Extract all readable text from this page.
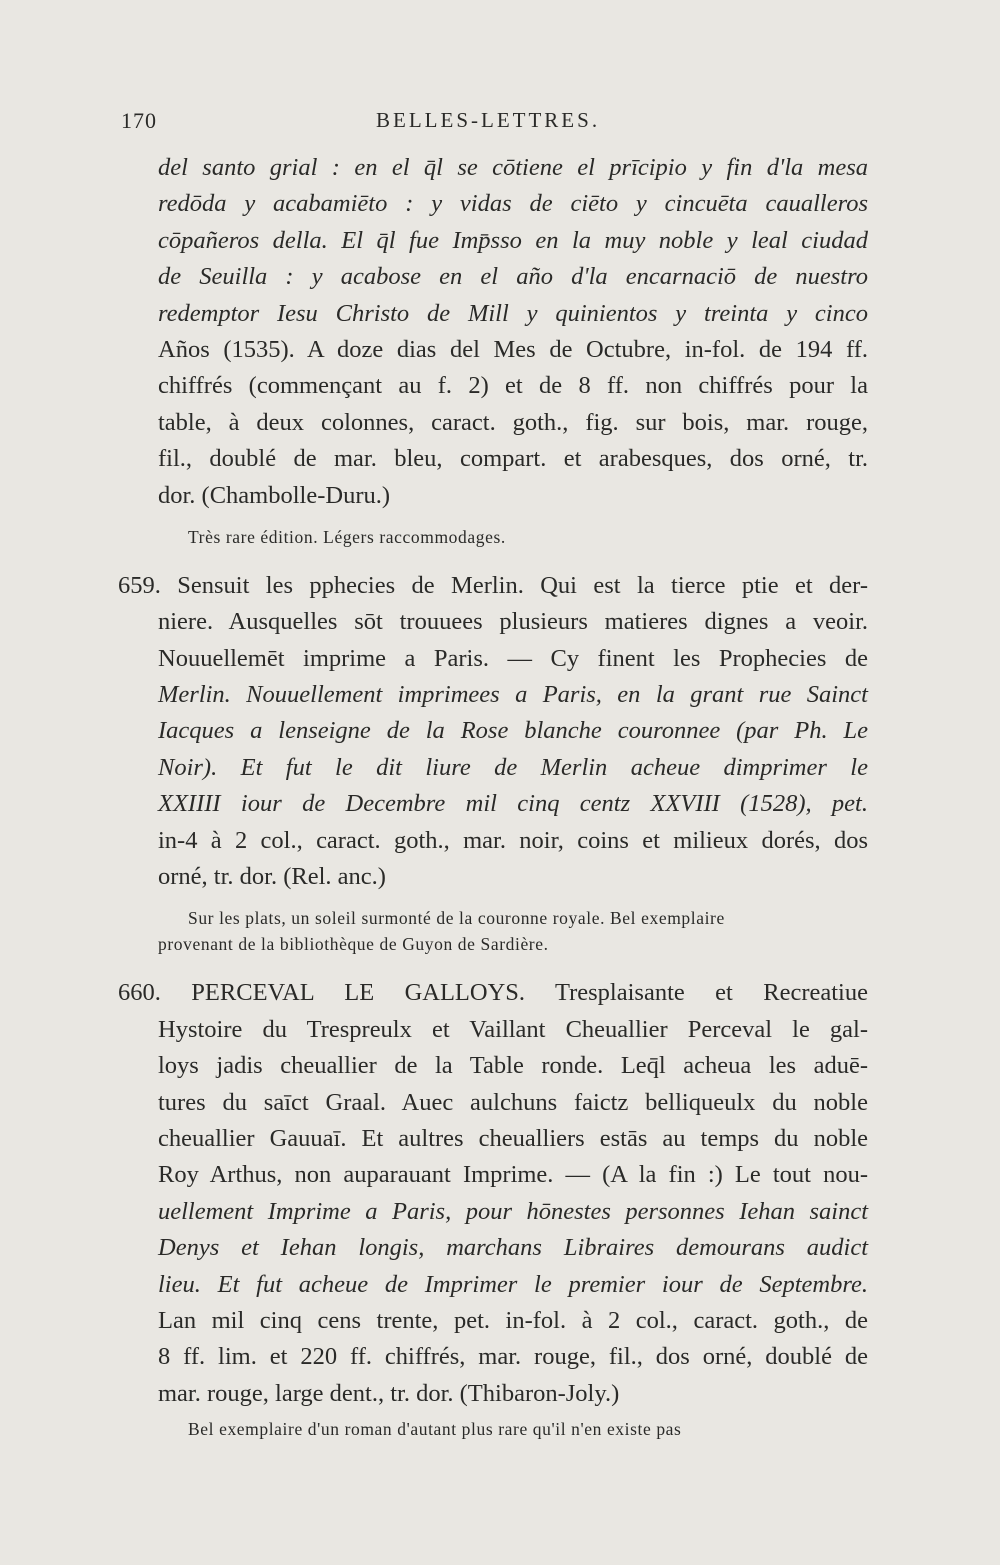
170	BELLES-LETTRES.
del santo grial : en el q̄l se cōtiene el prīcipio y fin d'la mesa
redōda y acabamiēto : y vidas de ciēto y cincuēta caualleros
cōpañeros della. El q̄l fue Imp̄sso en la muy noble y leal ciudad
de Seuilla : y acabose en el año d'la encarnaciō de nuestro
redemptor Iesu Christo de Mill y quinientos y treinta y cinco
Años (1535). A doze dias del Mes de Octubre, in-fol. de 194 ff.
chiffrés (commençant au f. 2) et de 8 ff. non chiffrés pour la
table, à deux colonnes, caract. goth., fig. sur bois, mar. rouge,
fil., doublé de mar. bleu, compart. et arabesques, dos orné, tr.
dor. (Chambolle-Duru.)
Très rare édition. Légers raccommodages.
659. Sensuit les pphecies de Merlin. Qui est la tierce ptie et der-
niere. Ausquelles sōt trouuees plusieurs matieres dignes a veoir.
Nouuellemēt imprime a Paris. — Cy finent les Prophecies de
Merlin. Nouuellement imprimees a Paris, en la grant rue Sainct
Iacques a lenseigne de la Rose blanche couronnee (par Ph. Le
Noir). Et fut le dit liure de Merlin acheue dimprimer le
XXIIII iour de Decembre mil cinq centz XXVIII (1528), pet.
in-4 à 2 col., caract. goth., mar. noir, coins et milieux dorés, dos
orné, tr. dor. (Rel. anc.)
Sur les plats, un soleil surmonté de la couronne royale. Bel exemplaire
provenant de la bibliothèque de Guyon de Sardière.
660. PERCEVAL LE GALLOYS. Tresplaisante et Recreatiue
Hystoire du Trespreulx et Vaillant Cheuallier Perceval le gal-
loys jadis cheuallier de la Table ronde. Leq̄l acheua les aduē-
tures du saīct Graal. Auec aulchuns faictz belliqueulx du noble
cheuallier Gauuaī. Et aultres cheualliers estās au temps du noble
Roy Arthus, non auparauant Imprime. — (A la fin :) Le tout nou-
uellement Imprime a Paris, pour hōnestes personnes Iehan sainct
Denys et Iehan longis, marchans Libraires demourans audict
lieu. Et fut acheue de Imprimer le premier iour de Septembre.
Lan mil cinq cens trente, pet. in-fol. à 2 col., caract. goth., de
8 ff. lim. et 220 ff. chiffrés, mar. rouge, fil., dos orné, doublé de
mar. rouge, large dent., tr. dor. (Thibaron-Joly.)
Bel exemplaire d'un roman d'autant plus rare qu'il n'en existe pas
